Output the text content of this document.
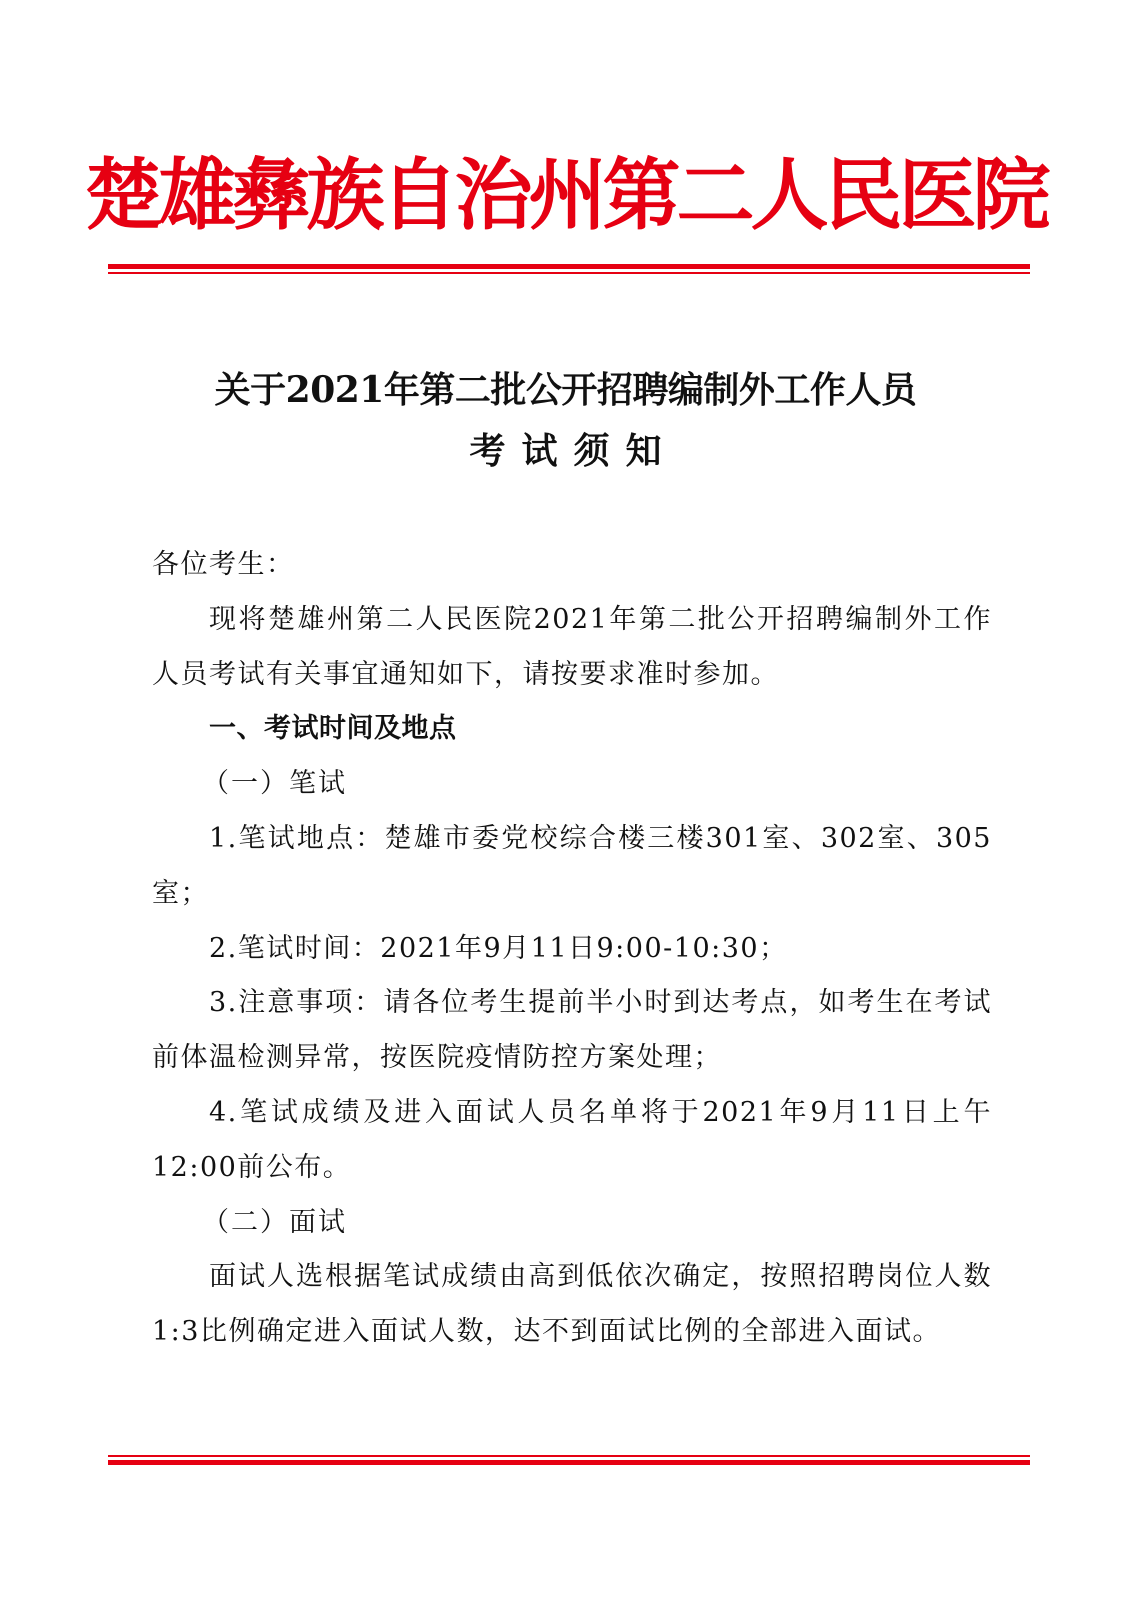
楚雄彝族自治州第二人民医院
关于2021年第二批公开招聘编制外工作人员
考试须知

各位考生：

现将楚雄州第二人民医院2021年第二批公开招聘编制外工作人员考试有关事宜通知如下，请按要求准时参加。

一、考试时间及地点

（一）笔试

1.笔试地点：楚雄市委党校综合楼三楼301室、302室、305室；

2.笔试时间：2021年9月11日9:00-10:30；

3.注意事项：请各位考生提前半小时到达考点，如考生在考试前体温检测异常，按医院疫情防控方案处理；

4.笔试成绩及进入面试人员名单将于2021年9月11日上午12:00前公布。

（二）面试

面试人选根据笔试成绩由高到低依次确定，按照招聘岗位人数1:3比例确定进入面试人数，达不到面试比例的全部进入面试。
